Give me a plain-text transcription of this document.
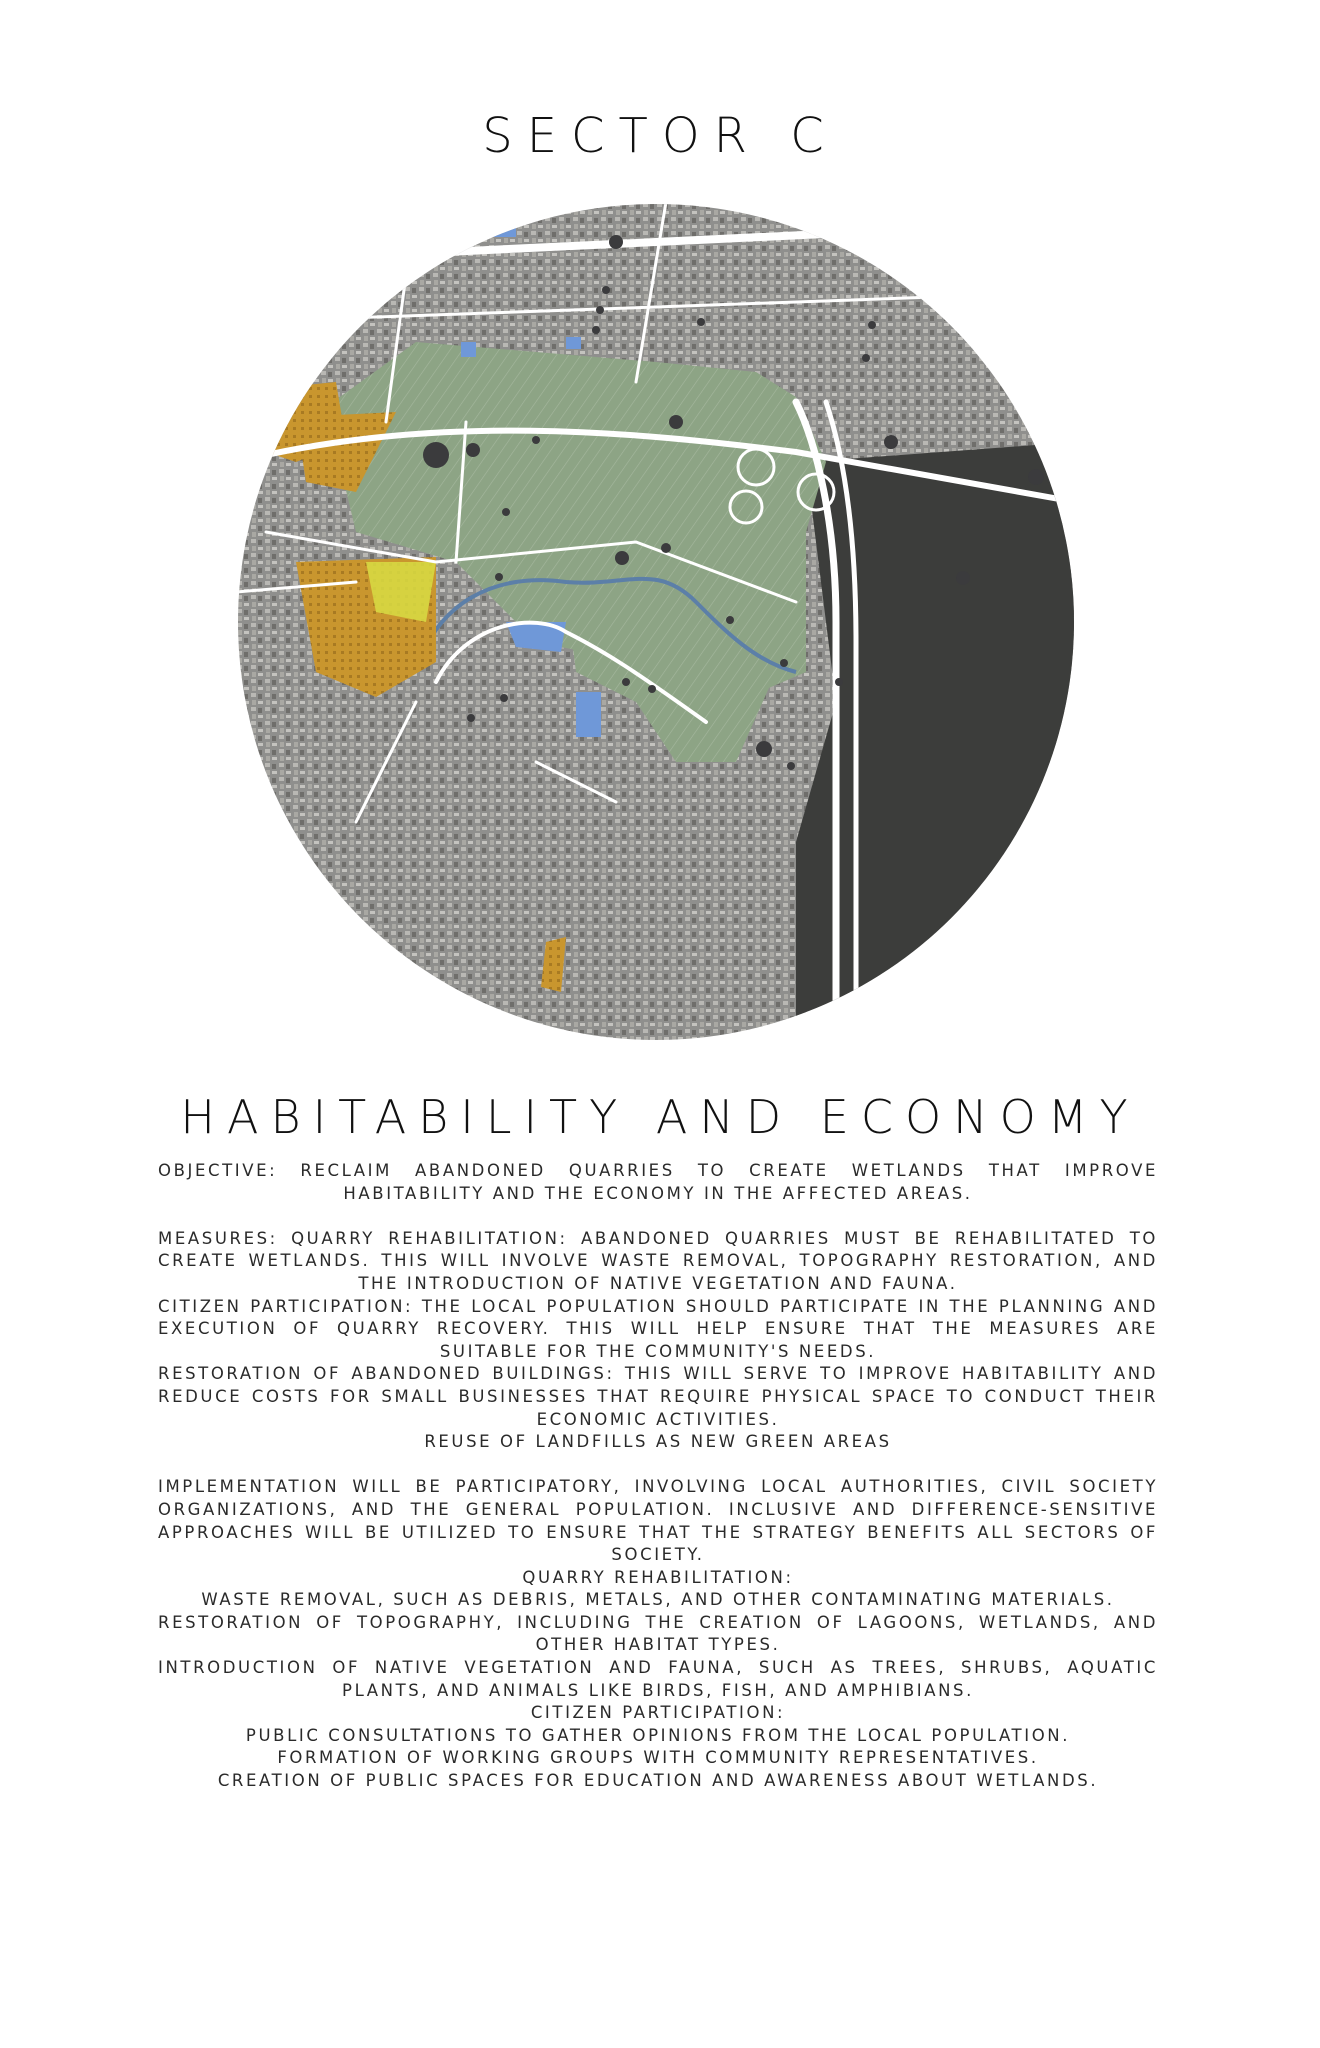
SECTOR C
HABITABILITY AND ECONOMY

OBJECTIVE: RECLAIM ABANDONED QUARRIES TO CREATE WETLANDS THAT IMPROVE HABITABILITY AND THE ECONOMY IN THE AFFECTED AREAS.

MEASURES: QUARRY REHABILITATION: ABANDONED QUARRIES MUST BE REHABILITATED TO CREATE WETLANDS. THIS WILL INVOLVE WASTE REMOVAL, TOPOGRAPHY RESTORATION, AND THE INTRODUCTION OF NATIVE VEGETATION AND FAUNA.

CITIZEN PARTICIPATION: THE LOCAL POPULATION SHOULD PARTICIPATE IN THE PLANNING AND EXECUTION OF QUARRY RECOVERY. THIS WILL HELP ENSURE THAT THE MEASURES ARE SUITABLE FOR THE COMMUNITY'S NEEDS.

RESTORATION OF ABANDONED BUILDINGS: THIS WILL SERVE TO IMPROVE HABITABILITY AND REDUCE COSTS FOR SMALL BUSINESSES THAT REQUIRE PHYSICAL SPACE TO CONDUCT THEIR ECONOMIC ACTIVITIES.

REUSE OF LANDFILLS AS NEW GREEN AREAS

IMPLEMENTATION WILL BE PARTICIPATORY, INVOLVING LOCAL AUTHORITIES, CIVIL SOCIETY ORGANIZATIONS, AND THE GENERAL POPULATION. INCLUSIVE AND DIFFERENCE-SENSITIVE APPROACHES WILL BE UTILIZED TO ENSURE THAT THE STRATEGY BENEFITS ALL SECTORS OF SOCIETY.

QUARRY REHABILITATION:

WASTE REMOVAL, SUCH AS DEBRIS, METALS, AND OTHER CONTAMINATING MATERIALS.

RESTORATION OF TOPOGRAPHY, INCLUDING THE CREATION OF LAGOONS, WETLANDS, AND OTHER HABITAT TYPES.

INTRODUCTION OF NATIVE VEGETATION AND FAUNA, SUCH AS TREES, SHRUBS, AQUATIC PLANTS, AND ANIMALS LIKE BIRDS, FISH, AND AMPHIBIANS.

CITIZEN PARTICIPATION:

PUBLIC CONSULTATIONS TO GATHER OPINIONS FROM THE LOCAL POPULATION.

FORMATION OF WORKING GROUPS WITH COMMUNITY REPRESENTATIVES.

CREATION OF PUBLIC SPACES FOR EDUCATION AND AWARENESS ABOUT WETLANDS.
